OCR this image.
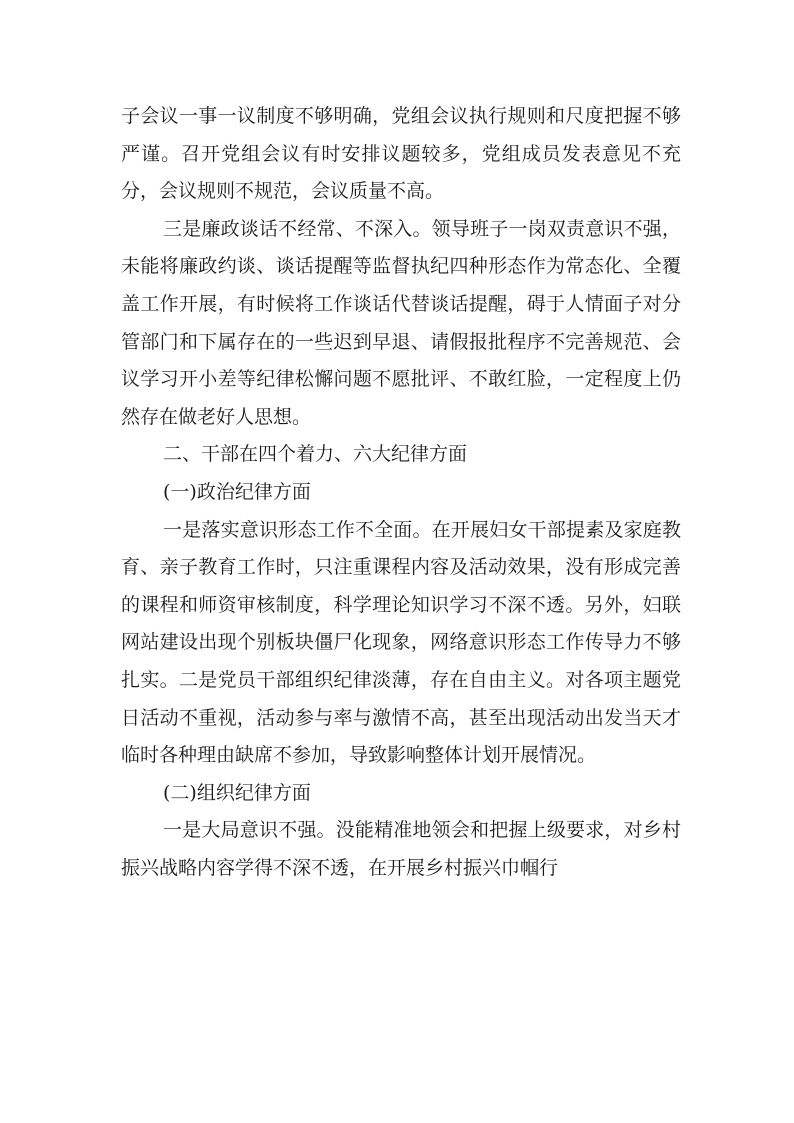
子会议一事一议制度不够明确，党组会议执行规则和尺度把握不够严谨。召开党组会议有时安排议题较多，党组成员发表意见不充分，会议规则不规范，会议质量不高。

三是廉政谈话不经常、不深入。领导班子一岗双责意识不强，未能将廉政约谈、谈话提醒等监督执纪四种形态作为常态化、全覆盖工作开展，有时候将工作谈话代替谈话提醒，碍于人情面子对分管部门和下属存在的一些迟到早退、请假报批程序不完善规范、会议学习开小差等纪律松懈问题不愿批评、不敢红脸，一定程度上仍然存在做老好人思想。

二、干部在四个着力、六大纪律方面

(一)政治纪律方面

一是落实意识形态工作不全面。在开展妇女干部提素及家庭教育、亲子教育工作时，只注重课程内容及活动效果，没有形成完善的课程和师资审核制度，科学理论知识学习不深不透。另外，妇联网站建设出现个别板块僵尸化现象，网络意识形态工作传导力不够扎实。二是党员干部组织纪律淡薄，存在自由主义。对各项主题党日活动不重视，活动参与率与激情不高，甚至出现活动出发当天才临时各种理由缺席不参加，导致影响整体计划开展情况。

(二)组织纪律方面

一是大局意识不强。没能精准地领会和把握上级要求，对乡村振兴战略内容学得不深不透，在开展乡村振兴巾帼行
